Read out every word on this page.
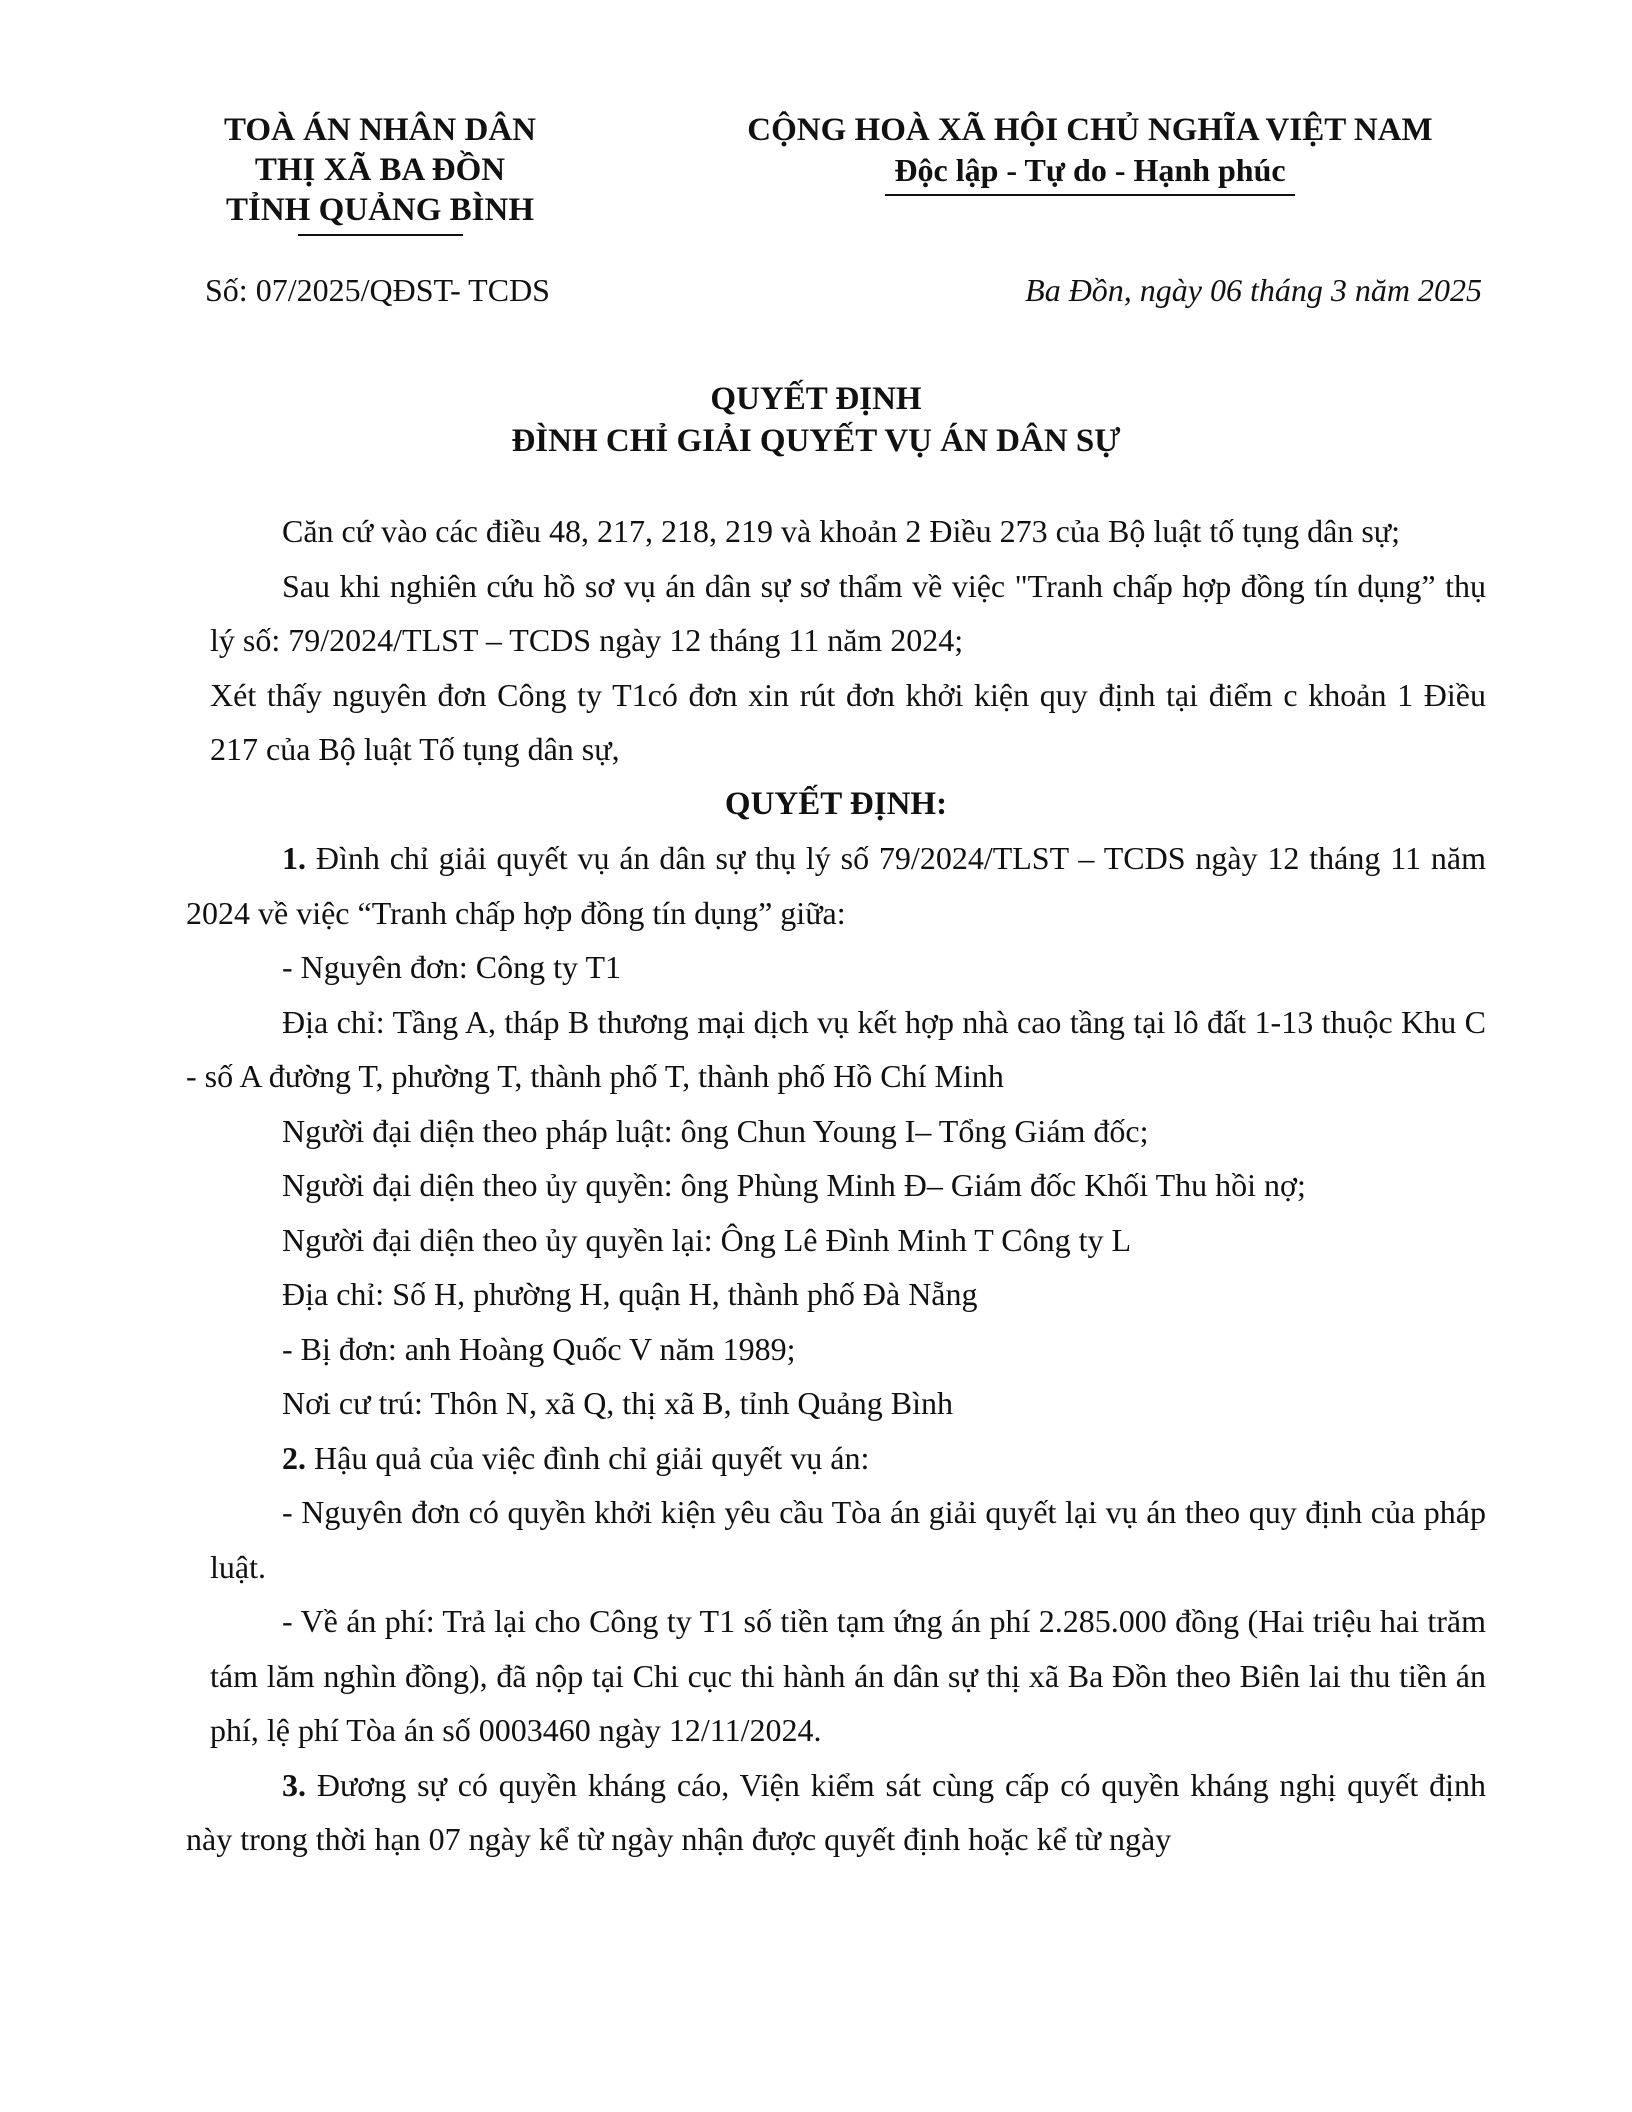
TOÀ ÁN NHÂN DÂN
THỊ XÃ BA ĐỒN
TỈNH QUẢNG BÌNH
CỘNG HOÀ XÃ HỘI CHỦ NGHĨA VIỆT NAM
Độc lập - Tự do - Hạnh phúc
Số: 07/2025/QĐST- TCDS	Ba Đồn, ngày 06 tháng 3 năm 2025
QUYẾT ĐỊNH
ĐÌNH CHỈ GIẢI QUYẾT VỤ ÁN DÂN SỰ

Căn cứ vào các điều 48, 217, 218, 219 và khoản 2 Điều 273 của Bộ luật tố tụng dân sự;

Sau khi nghiên cứu hồ sơ vụ án dân sự sơ thẩm về việc "Tranh chấp hợp đồng tín dụng” thụ lý số: 79/2024/TLST – TCDS ngày 12 tháng 11 năm 2024;

Xét thấy nguyên đơn Công ty T1có đơn xin rút đơn khởi kiện quy định tại điểm c khoản 1 Điều 217 của Bộ luật Tố tụng dân sự,

QUYẾT ĐỊNH:

1. Đình chỉ giải quyết vụ án dân sự thụ lý số 79/2024/TLST – TCDS ngày 12 tháng 11 năm 2024 về việc “Tranh chấp hợp đồng tín dụng” giữa:

- Nguyên đơn: Công ty T1

Địa chỉ: Tầng A, tháp B thương mại dịch vụ kết hợp nhà cao tầng tại lô đất 1-13 thuộc Khu C - số A đường T, phường T, thành phố T, thành phố Hồ Chí Minh

Người đại diện theo pháp luật: ông Chun Young I– Tổng Giám đốc;

Người đại diện theo ủy quyền: ông Phùng Minh Đ– Giám đốc Khối Thu hồi nợ;

Người đại diện theo ủy quyền lại: Ông Lê Đình Minh T Công ty L

Địa chỉ: Số H, phường H, quận H, thành phố Đà Nẵng

- Bị đơn: anh Hoàng Quốc V năm 1989;

Nơi cư trú: Thôn N, xã Q, thị xã B, tỉnh Quảng Bình

2. Hậu quả của việc đình chỉ giải quyết vụ án:

- Nguyên đơn có quyền khởi kiện yêu cầu Tòa án giải quyết lại vụ án theo quy định của pháp luật.

- Về án phí: Trả lại cho Công ty T1 số tiền tạm ứng án phí 2.285.000 đồng (Hai triệu hai trăm tám lăm nghìn đồng), đã nộp tại Chi cục thi hành án dân sự thị xã Ba Đồn theo Biên lai thu tiền án phí, lệ phí Tòa án số 0003460 ngày 12/11/2024.

3. Đương sự có quyền kháng cáo, Viện kiểm sát cùng cấp có quyền kháng nghị quyết định này trong thời hạn 07 ngày kể từ ngày nhận được quyết định hoặc kể từ ngày
